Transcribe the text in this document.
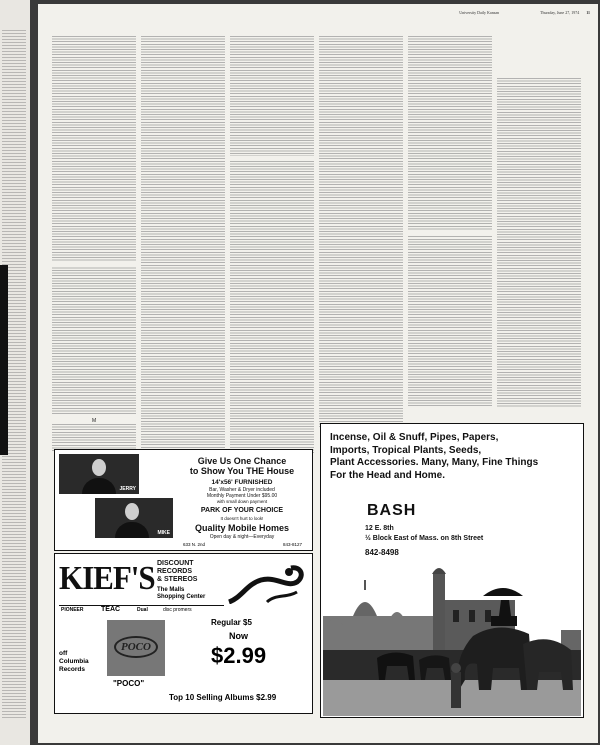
University Daily Kansan	Thursday, June 27, 1974 11
M
JERRY
MIKE
Give Us One Chance
to Show You THE House
14'x56' FURNISHED
Bar, Washer & Dryer included
Monthly Payment Under $95.00
with small down payment
PARK OF YOUR CHOICE
It doesn't hurt to look!
Quality Mobile Homes
Open day & night—Everyday
633 N. 2nd	843-8127
KIEF'S DISCOUNT
RECORDS
& STEREOS
The Malls
Shopping Center
PIONEER TEAC	Dual	disc promers
off
Columbia
Records
POCO
"POCO"
Regular $5
Now
$2.99
Top 10 Selling Albums $2.99
Incense, Oil & Snuff, Pipes, Papers,
Imports, Tropical Plants, Seeds,
Plant Accessories. Many, Many, Fine Things
For the Head and Home.
BASH
12 E. 8th
½ Block East of Mass. on 8th Street
842-8498
